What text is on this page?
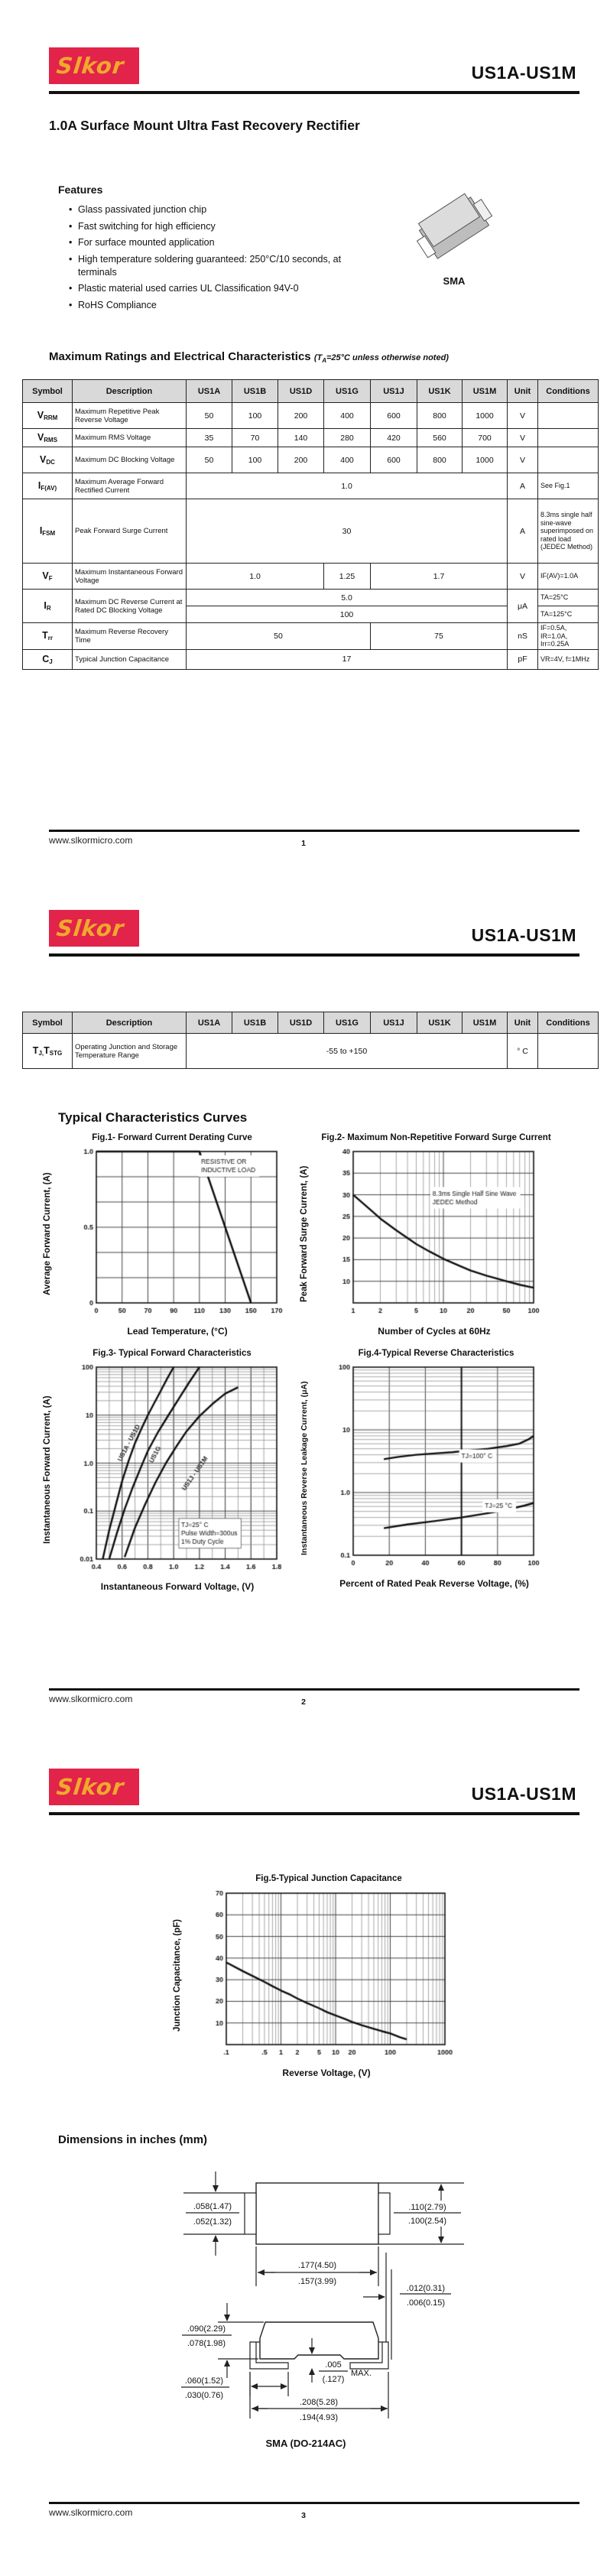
Slkor	US1A-US1M
1.0A Surface Mount Ultra Fast Recovery Rectifier
Features
• Glass passivated junction chip
• Fast switching for high efficiency
• For surface mounted application
• High temperature soldering guaranteed: 250°C/10 seconds, at terminals
• Plastic material used carries UL Classification 94V-0
• RoHS Compliance
SMA
Maximum Ratings and Electrical Characteristics ($T_A=25^\circ C$ unless otherwise noted)
Symbol	Description	US1A	US1B	US1D	US1G	US1J	US1K	US1M	Unit	Conditions
VRRM	Maximum Repetitive Peak Reverse Voltage	50	100	200	400	600	800	1000	V	
VRMS	Maximum RMS Voltage	35	70	140	280	420	560	700	V	
VDC	Maximum DC Blocking Voltage	50	100	200	400	600	800	1000	V	
IF(AV)	Maximum Average Forward Rectified Current	1.0							A	See Fig.1
IFSM	Peak Forward Surge Current	30							A	8.3ms single half sine-wave superimposed on rated load (JEDEC Method)
VF	Maximum Instantaneous Forward Voltage	1.0			1.25	1.7			V	IF(AV)=1.0A
IR	Maximum DC Reverse Current at Rated DC Blocking Voltage	5.0							μA	TA=25°C
		100								TA=125°C
Trr	Maximum Reverse Recovery Time	50				75			nS	IF=0.5A, IR=1.0A, Irr=0.25A
CJ	Typical Junction Capacitance	17							pF	VR=4V, f=1MHz
www.slkormicro.com	1
Slkor	US1A-US1M
Symbol	Description	US1A	US1B	US1D	US1G	US1J	US1K	US1M	Unit	Conditions
TJ,TSTG	Operating Junction and Storage Temperature Range	-55 to +150							° C	
Typical Characteristics Curves
Fig.1- Forward Current Derating Curve
Average Forward Current, (A)
Lead Temperature, (°C)
Fig.2- Maximum Non-Repetitive Forward Surge Current
Peak Forward Surge Current, (A)
Number of Cycles at 60Hz
Fig.3- Typical Forward Characteristics
Instantaneous Forward Current, (A)
Instantaneous Forward Voltage, (V)
Fig.4-Typical Reverse Characteristics
Instantaneous Reverse Leakage Current, (μA)
Percent of Rated Peak Reverse Voltage, (%)
www.slkormicro.com	2
Slkor	US1A-US1M
Fig.5-Typical Junction Capacitance
Junction Capacitance, (pF)
Reverse Voltage, (V)
Dimensions in inches (mm)
.058(1.47)
.052(1.32)
.110(2.79)
.100(2.54)
.177(4.50)
.157(3.99)
.012(0.31)
.006(0.15)
.090(2.29)
.078(1.98)
.060(1.52)
.030(0.76)
.005
(.127)
MAX.
.208(5.28)
.194(4.93)
SMA (DO-214AC)
www.slkormicro.com	3
